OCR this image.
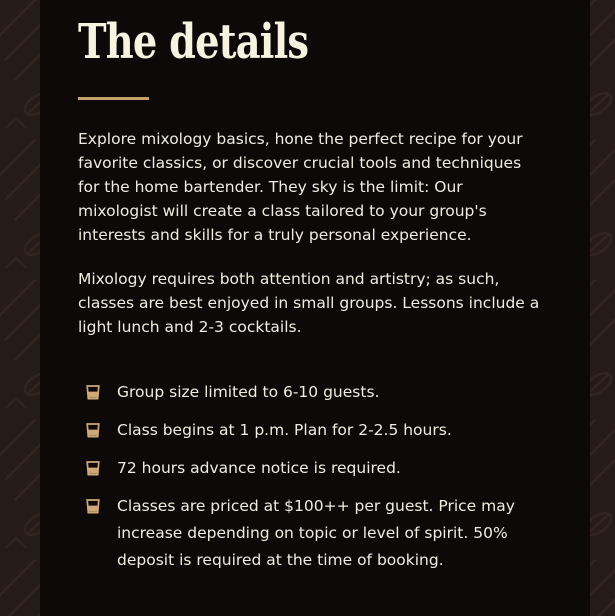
The details

Explore mixology basics, hone the perfect recipe for your favorite classics, or discover crucial tools and techniques for the home bartender. They sky is the limit: Our mixologist will create a class tailored to your group's interests and skills for a truly personal experience.

Mixology requires both attention and artistry; as such, classes are best enjoyed in small groups. Lessons include a light lunch and 2-3 cocktails.

Group size limited to 6-10 guests.
Class begins at 1 p.m. Plan for 2-2.5 hours.
72 hours advance notice is required.
Classes are priced at $100++ per guest. Price may increase depending on topic or level of spirit. 50% deposit is required at the time of booking.
